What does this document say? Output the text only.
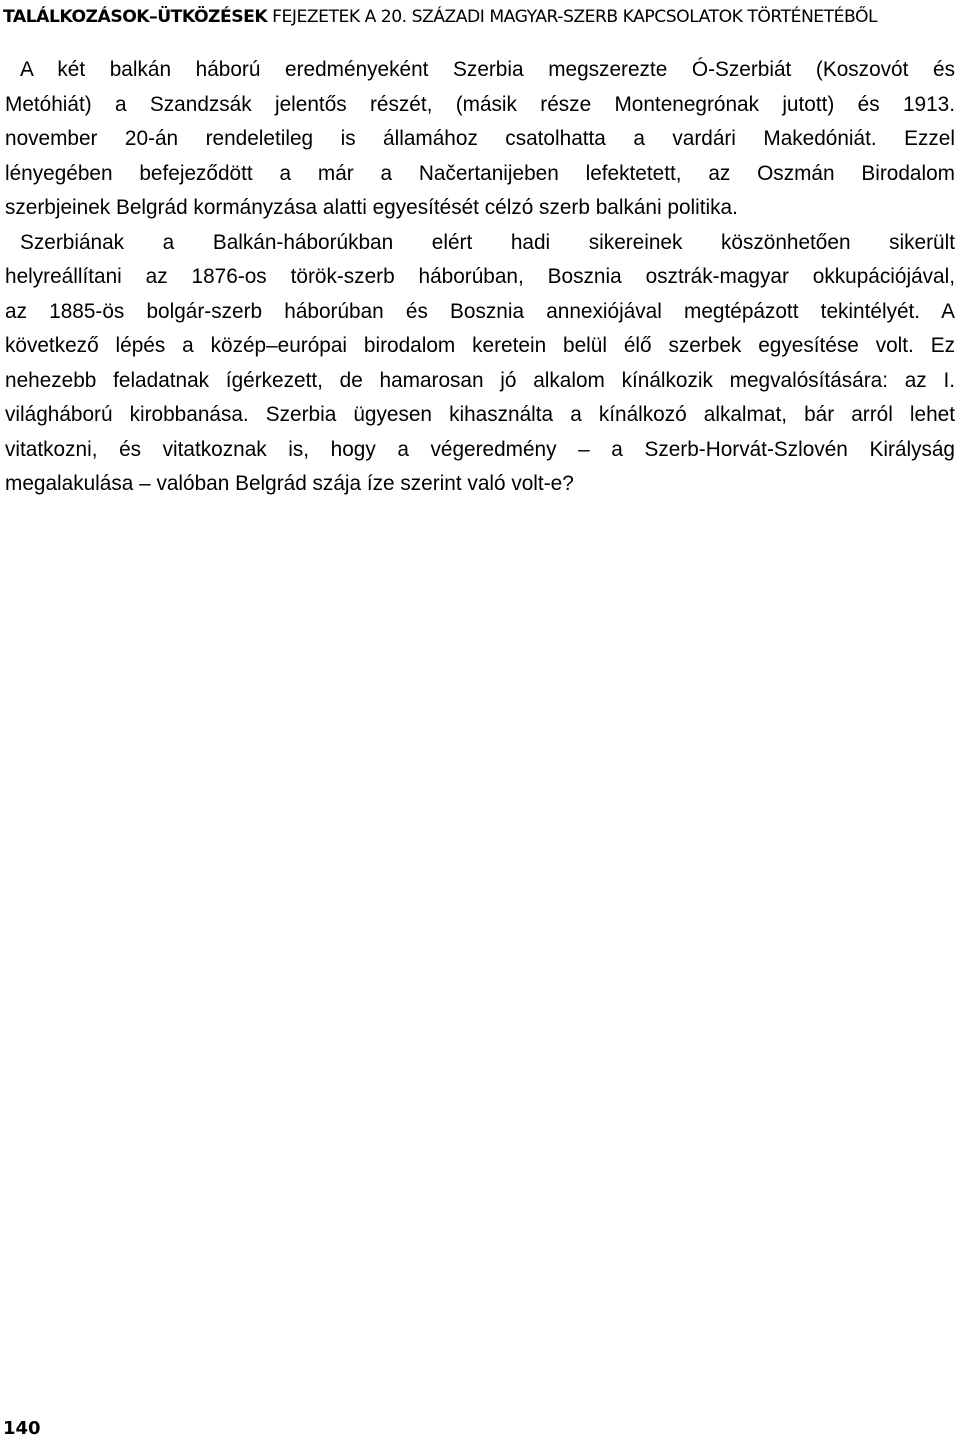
TALÁLKOZÁSOK–ÜTKÖZÉSEK FEJEZETEK A 20. SZÁZADI MAGYAR-SZERB KAPCSOLATOK TÖRTÉNETÉBŐL
A két balkán háború eredményeként Szerbia megszerezte Ó-Szerbiát (Koszovót és
Metóhiát) a Szandzsák jelentős részét, (másik része Montenegrónak jutott) és 1913.
november 20-án rendeletileg is államához csatolhatta a vardári Makedóniát. Ezzel
lényegében befejeződött a már a Načertanijeben lefektetett, az Oszmán Birodalom
szerbjeinek Belgrád kormányzása alatti egyesítését célzó szerb balkáni politika.
Szerbiának a Balkán-háborúkban elért hadi sikereinek köszönhetően sikerült
helyreállítani az 1876-os török-szerb háborúban, Bosznia osztrák-magyar okkupációjával,
az 1885-ös bolgár-szerb háborúban és Bosznia annexiójával megtépázott tekintélyét. A
következő lépés a közép–európai birodalom keretein belül élő szerbek egyesítése volt. Ez
nehezebb feladatnak ígérkezett, de hamarosan jó alkalom kínálkozik megvalósítására: az I.
világháború kirobbanása. Szerbia ügyesen kihasználta a kínálkozó alkalmat, bár arról lehet
vitatkozni, és vitatkoznak is, hogy a végeredmény – a Szerb-Horvát-Szlovén Királyság
megalakulása – valóban Belgrád szája íze szerint való volt-e?
140
